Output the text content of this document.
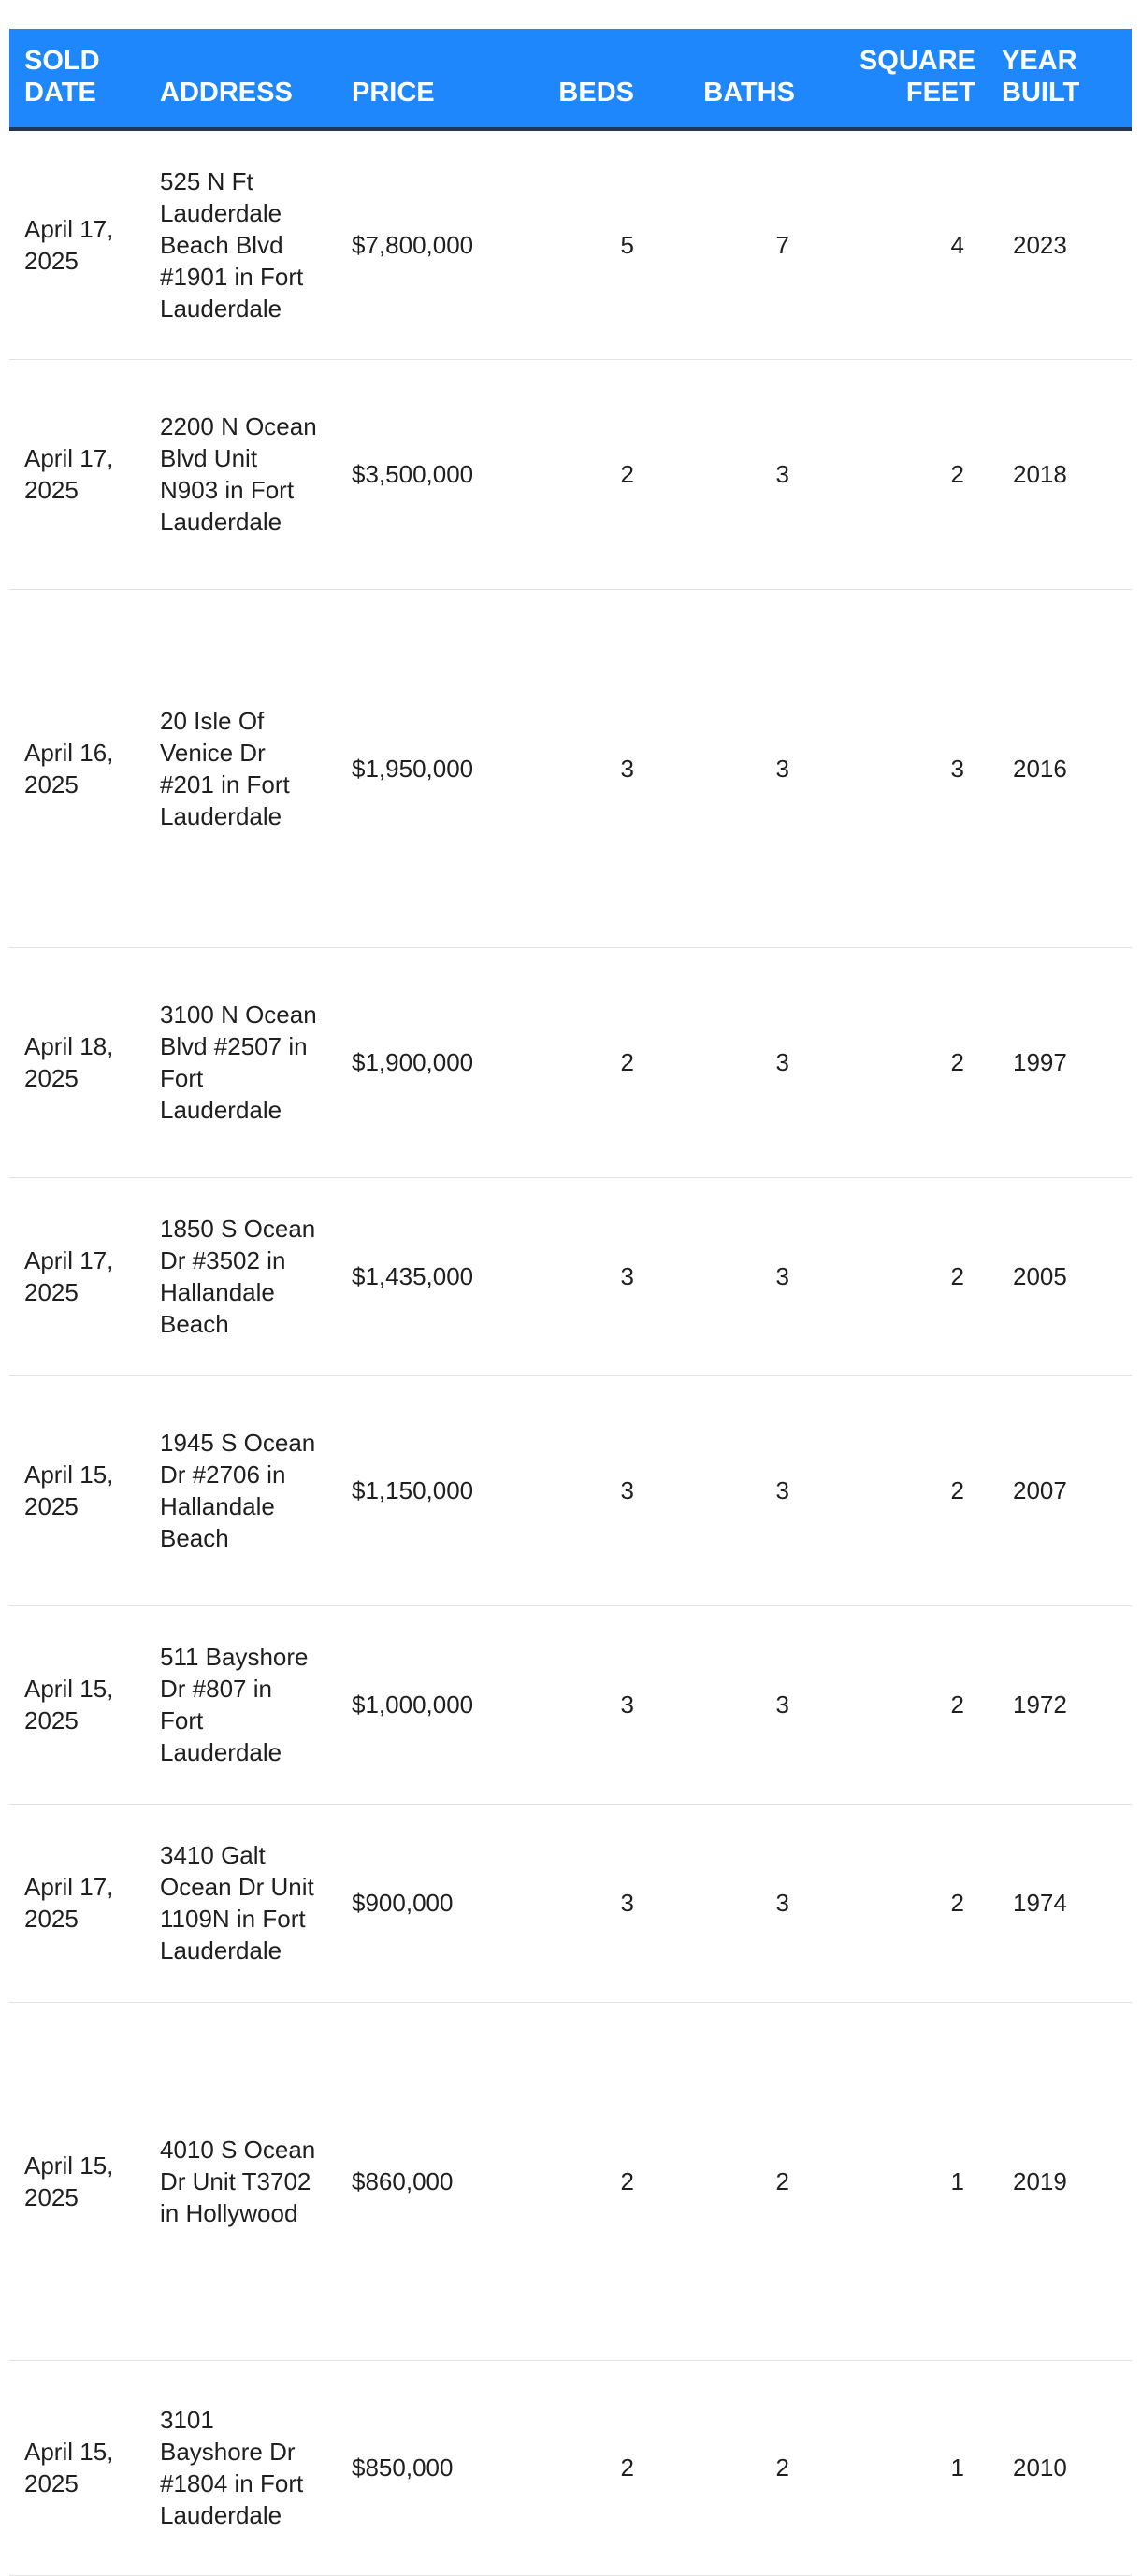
SOLD DATE	ADDRESS	PRICE	BEDS	BATHS	SQUARE FEET	YEAR BUILT
April 17, 2025	525 N Ft Lauderdale Beach Blvd #1901 in Fort Lauderdale	$7,800,000	5	7	4	2023
April 17, 2025	2200 N Ocean Blvd Unit N903 in Fort Lauderdale	$3,500,000	2	3	2	2018
April 16, 2025	20 Isle Of Venice Dr #201 in Fort Lauderdale	$1,950,000	3	3	3	2016
April 18, 2025	3100 N Ocean Blvd #2507 in Fort Lauderdale	$1,900,000	2	3	2	1997
April 17, 2025	1850 S Ocean Dr #3502 in Hallandale Beach	$1,435,000	3	3	2	2005
April 15, 2025	1945 S Ocean Dr #2706 in Hallandale Beach	$1,150,000	3	3	2	2007
April 15, 2025	511 Bayshore Dr #807 in Fort Lauderdale	$1,000,000	3	3	2	1972
April 17, 2025	3410 Galt Ocean Dr Unit 1109N in Fort Lauderdale	$900,000	3	3	2	1974
April 15, 2025	4010 S Ocean Dr Unit T3702 in Hollywood	$860,000	2	2	1	2019
April 15, 2025	3101 Bayshore Dr #1804 in Fort Lauderdale	$850,000	2	2	1	2010
